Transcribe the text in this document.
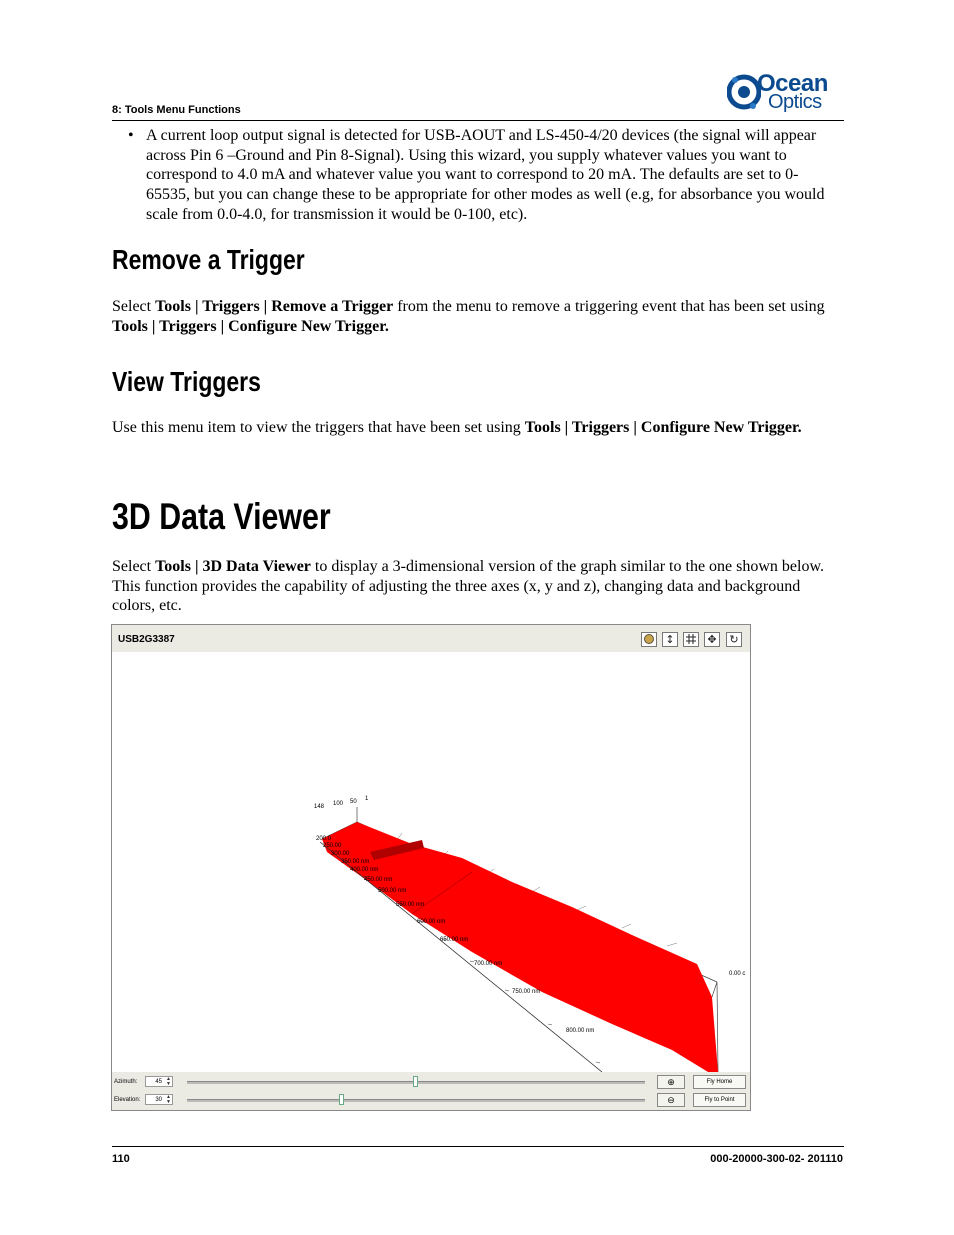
Ocean
Optics
8: Tools Menu Functions
• A current loop output signal is detected for USB-AOUT and LS-450-4/20 devices (the signal will appear across Pin 6 –Ground and Pin 8-Signal). Using this wizard, you supply whatever values you want to correspond to 4.0 mA and whatever value you want to correspond to 20 mA. The defaults are set to 0-65535, but you can change these to be appropriate for other modes as well (e.g, for absorbance you would scale from 0.0-4.0, for transmission it would be 0-100, etc).
Remove a Trigger
Select Tools | Triggers | Remove a Trigger from the menu to remove a triggering event that has been set using Tools | Triggers | Configure New Trigger.
View Triggers
Use this menu item to view the triggers that have been set using Tools | Triggers | Configure New Trigger.
3D Data Viewer
Select Tools | 3D Data Viewer to display a 3-dimensional version of the graph similar to the one shown below. This function provides the capability of adjusting the three axes (x, y and z), changing data and background colors, etc.
USB2G3387	↕	✥	↻
148 100 50 1
200.0
250.00
300.00
350.00 nm
400.00 nm
450.00 nm
500.00 nm
550.00 nm
600.00 nm
650.00 nm
700.00 nm
750.00 nm
800.00 nm
0.00 c
Azimuth:	45 ▲
▼	⊕	Fly Home
Elevation:	30 ▲
▼	⊖	Fly to Point
110	000-20000-300-02- 201110
